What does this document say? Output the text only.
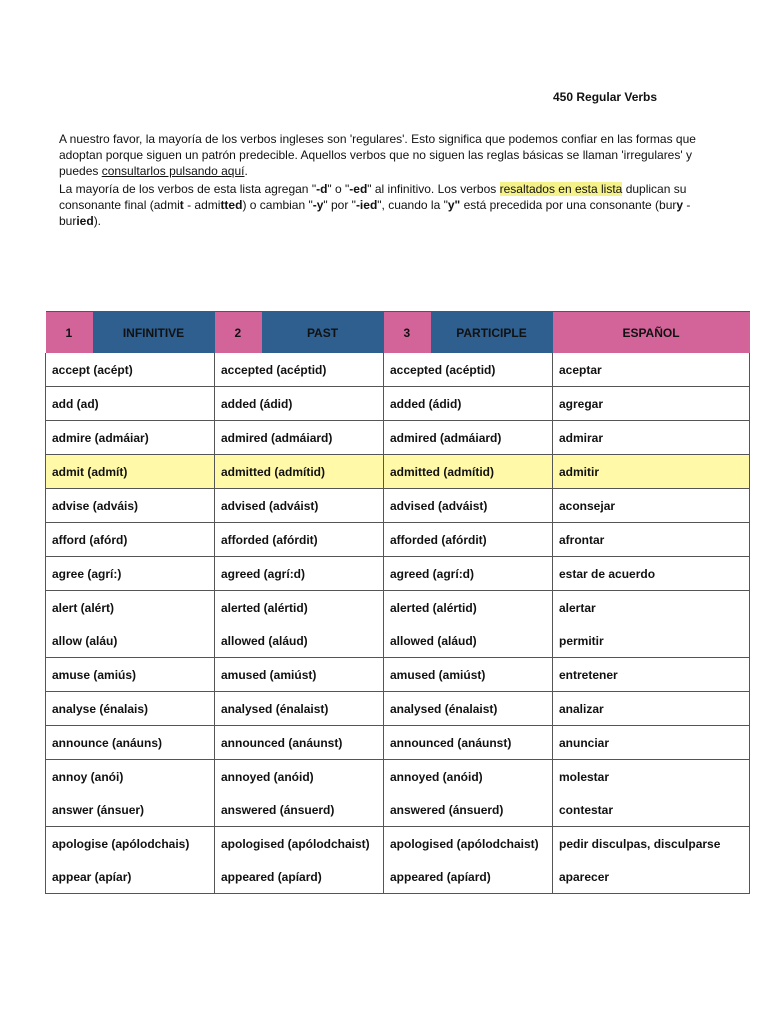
450 Regular Verbs

A nuestro favor, la mayoría de los verbos ingleses son 'regulares'. Esto significa que podemos confiar en las formas que adoptan porque siguen un patrón predecible. Aquellos verbos que no siguen las reglas básicas se llaman 'irregulares' y puedes consultarlos pulsando aquí.

La mayoría de los verbos de esta lista agregan "-d" o "-ed" al infinitivo. Los verbos resaltados en esta lista duplican su consonante final (admit - admitted) o cambian "-y" por "-ied", cuando la "y" está precedida por una consonante (bury - buried).

1	INFINITIVE	2	PAST	3	PARTICIPLE	ESPAÑOL
accept (acépt)		accepted (acéptid)		accepted (acéptid)		aceptar
add (ad)		added (ádid)		added (ádid)		agregar
admire (admáiar)		admired (admáiard)		admired (admáiard)		admirar
admit (admít)		admitted (admítid)		admitted (admítid)		admitir
advise (adváis)		advised (adváist)		advised (adváist)		aconsejar
afford (afórd)		afforded (afórdit)		afforded (afórdit)		afrontar
agree (agrí:)		agreed (agrí:d)		agreed (agrí:d)		estar de acuerdo
alert (alért)		alerted (alértid)		alerted (alértid)		alertar
allow (aláu)		allowed (aláud)		allowed (aláud)		permitir
amuse (amiús)		amused (amiúst)		amused (amiúst)		entretener
analyse (énalais)		analysed (énalaist)		analysed (énalaist)		analizar
announce (anáuns)		announced (anáunst)		announced (anáunst)		anunciar
annoy (anói)		annoyed (anóid)		annoyed (anóid)		molestar
answer (ánsuer)		answered (ánsuerd)		answered (ánsuerd)		contestar
apologise (apólodchais)		apologised (apólodchaist)		apologised (apólodchaist)		pedir disculpas, disculparse
appear (apíar)		appeared (apíard)		appeared (apíard)		aparecer
